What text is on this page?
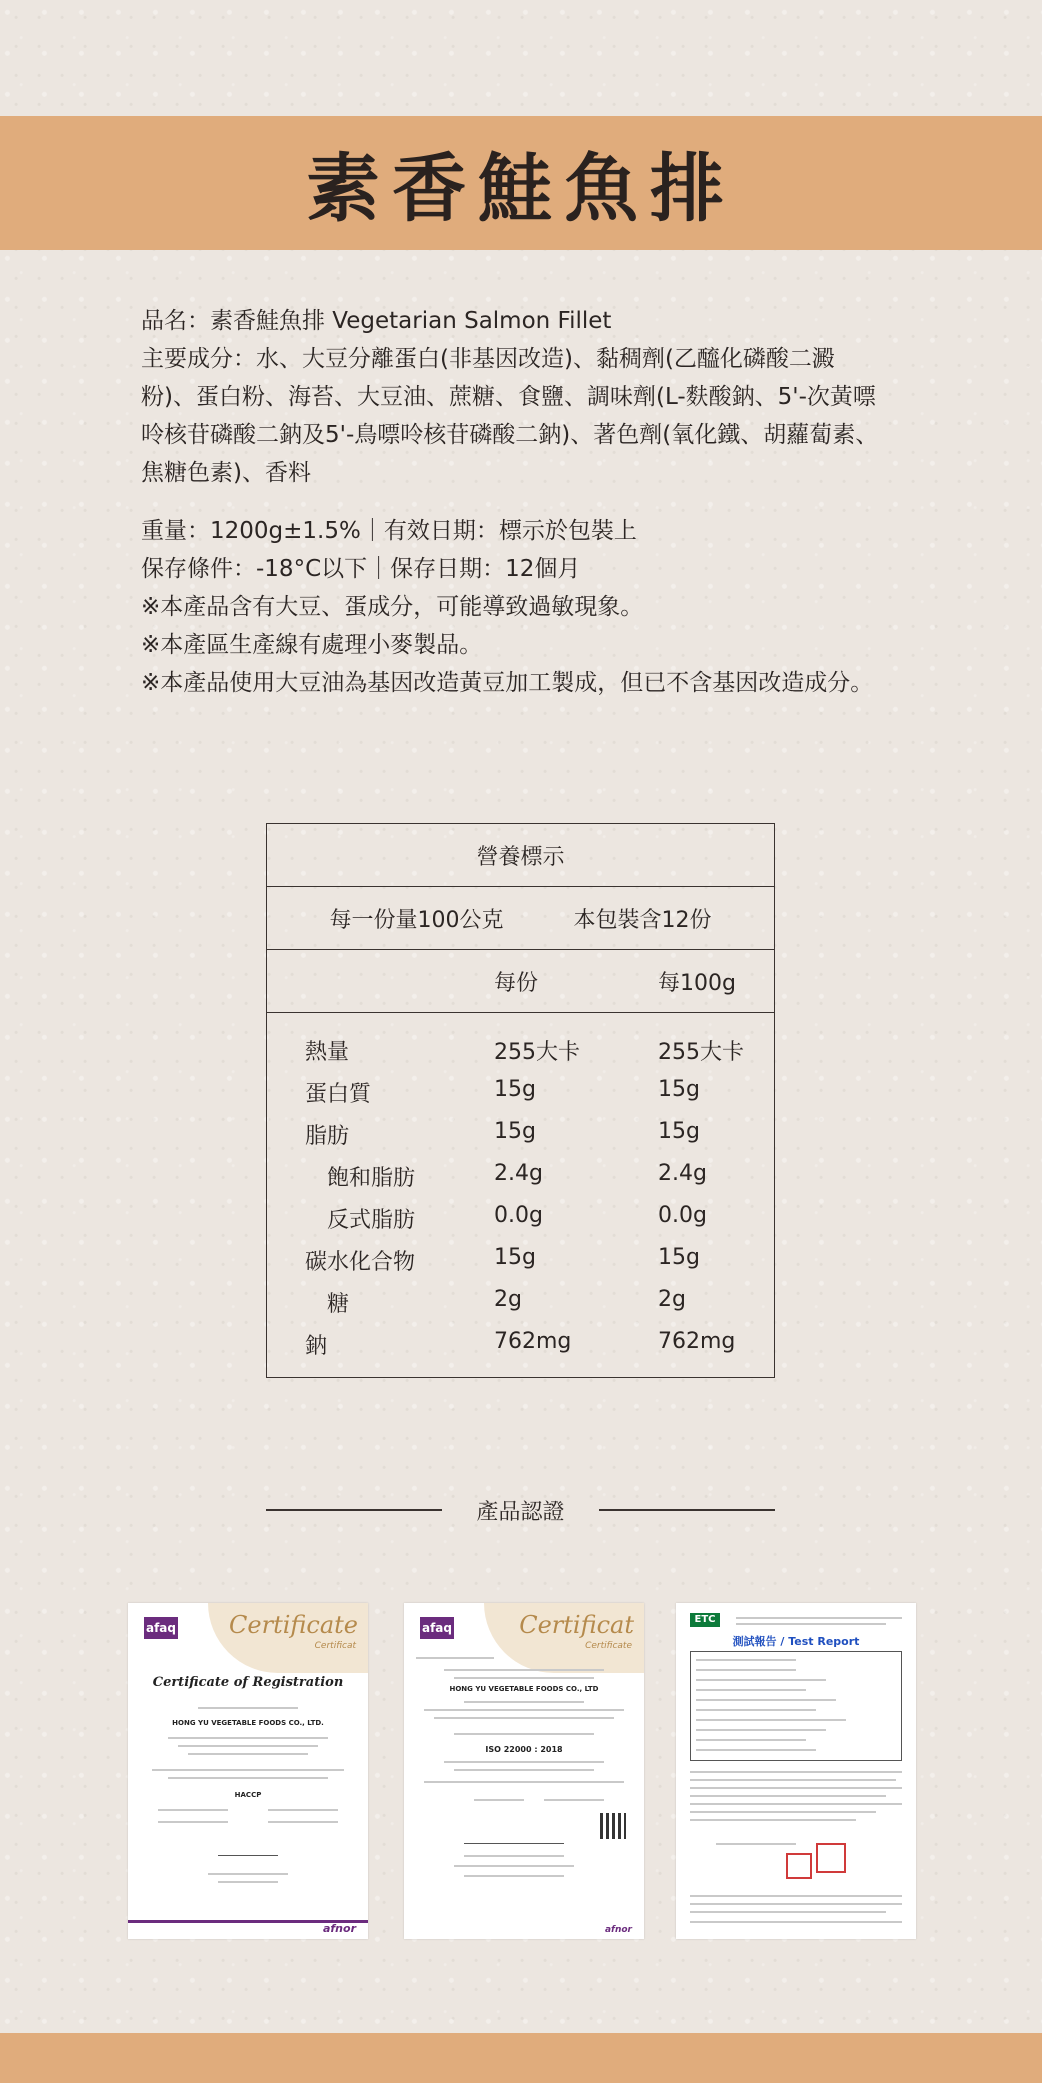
素香鮭魚排

品名：素香鮭魚排 Vegetarian Salmon Fillet

主要成分：水、大豆分離蛋白(非基因改造)、黏稠劑(乙醯化磷酸二澱

粉)、蛋白粉、海苔、大豆油、蔗糖、食鹽、調味劑(L-麩酸鈉、5'-次黃嘌

呤核苷磷酸二鈉及5'-鳥嘌呤核苷磷酸二鈉)、著色劑(氧化鐵、胡蘿蔔素、

焦糖色素)、香料

重量：1200g±1.5%｜有效日期：標示於包裝上

保存條件：-18°C以下｜保存日期：12個月

※本產品含有大豆、蛋成分，可能導致過敏現象。

※本產區生產線有處理小麥製品。

※本產品使用大豆油為基因改造黃豆加工製成，但已不含基因改造成分。

營養標示
每一份量100公克	本包裝含12份
每份	每100g
熱量	255大卡	255大卡
蛋白質	15g	15g
脂肪	15g	15g
飽和脂肪	2.4g	2.4g
反式脂肪	0.0g	0.0g
碳水化合物	15g	15g
糖	2g	2g
鈉	762mg	762mg
產品認證
afaq Certificate
Certificat
Certificate of Registration
HONG YU VEGETABLE FOODS CO., LTD.
HACCP
afnor
afaq	Certificat
Certificate
HONG YU VEGETABLE FOODS CO., LTD
ISO 22000 : 2018
afnor
ETC
測試報告 / Test Report
